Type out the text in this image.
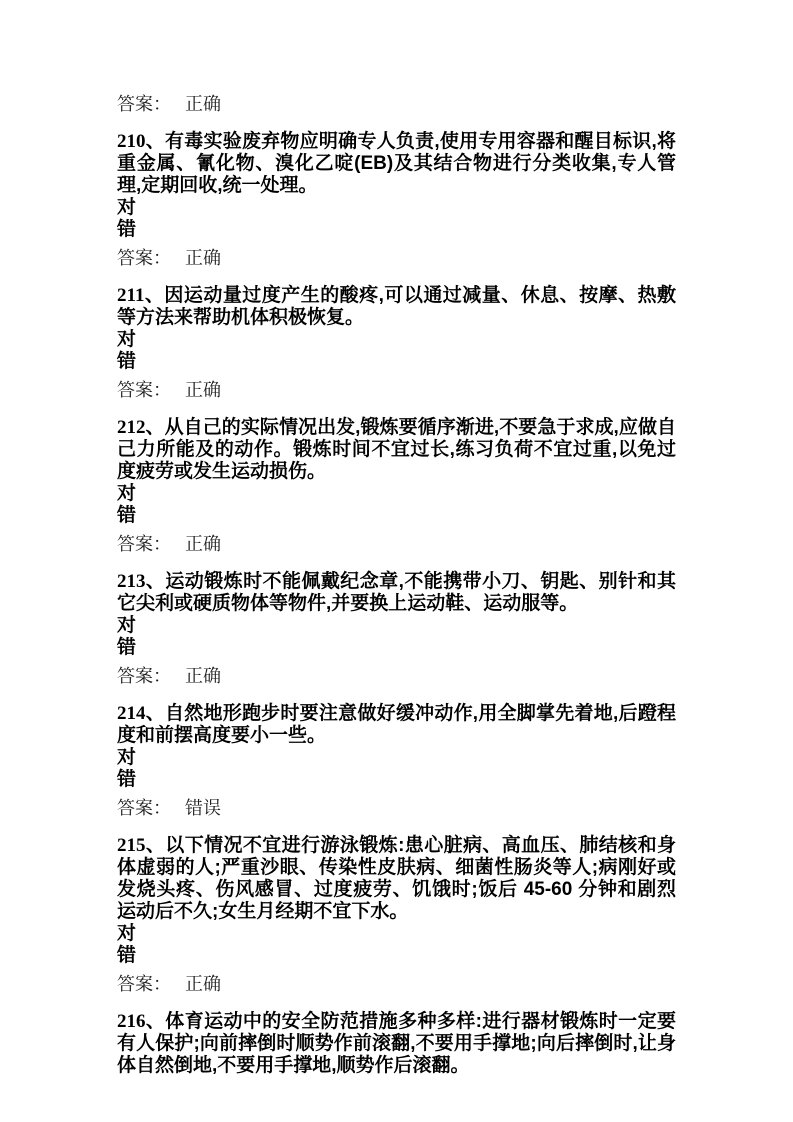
答案： 正确

210、有毒实验废弃物应明确专人负责,使用专用容器和醒目标识,将重金属、氰化物、溴化乙啶(EB)及其结合物进行分类收集,专人管理,定期回收,统一处理。

对
错
答案： 正确

211、因运动量过度产生的酸疼,可以通过减量、休息、按摩、热敷等方法来帮助机体积极恢复。

对
错
答案： 正确

212、从自己的实际情况出发,锻炼要循序渐进,不要急于求成,应做自己力所能及的动作。锻炼时间不宜过长,练习负荷不宜过重,以免过度疲劳或发生运动损伤。

对
错
答案： 正确

213、运动锻炼时不能佩戴纪念章,不能携带小刀、钥匙、别针和其它尖利或硬质物体等物件,并要换上运动鞋、运动服等。

对
错
答案： 正确

214、自然地形跑步时要注意做好缓冲动作,用全脚掌先着地,后蹬程度和前摆高度要小一些。

对
错
答案： 错误

215、以下情况不宜进行游泳锻炼:患心脏病、高血压、肺结核和身体虚弱的人;严重沙眼、传染性皮肤病、细菌性肠炎等人;病刚好或发烧头疼、伤风感冒、过度疲劳、饥饿时;饭后 45-60 分钟和剧烈运动后不久;女生月经期不宜下水。

对
错
答案： 正确

216、体育运动中的安全防范措施多种多样:进行器材锻炼时一定要有人保护;向前摔倒时顺势作前滚翻,不要用手撑地;向后摔倒时,让身体自然倒地,不要用手撑地,顺势作后滚翻。
